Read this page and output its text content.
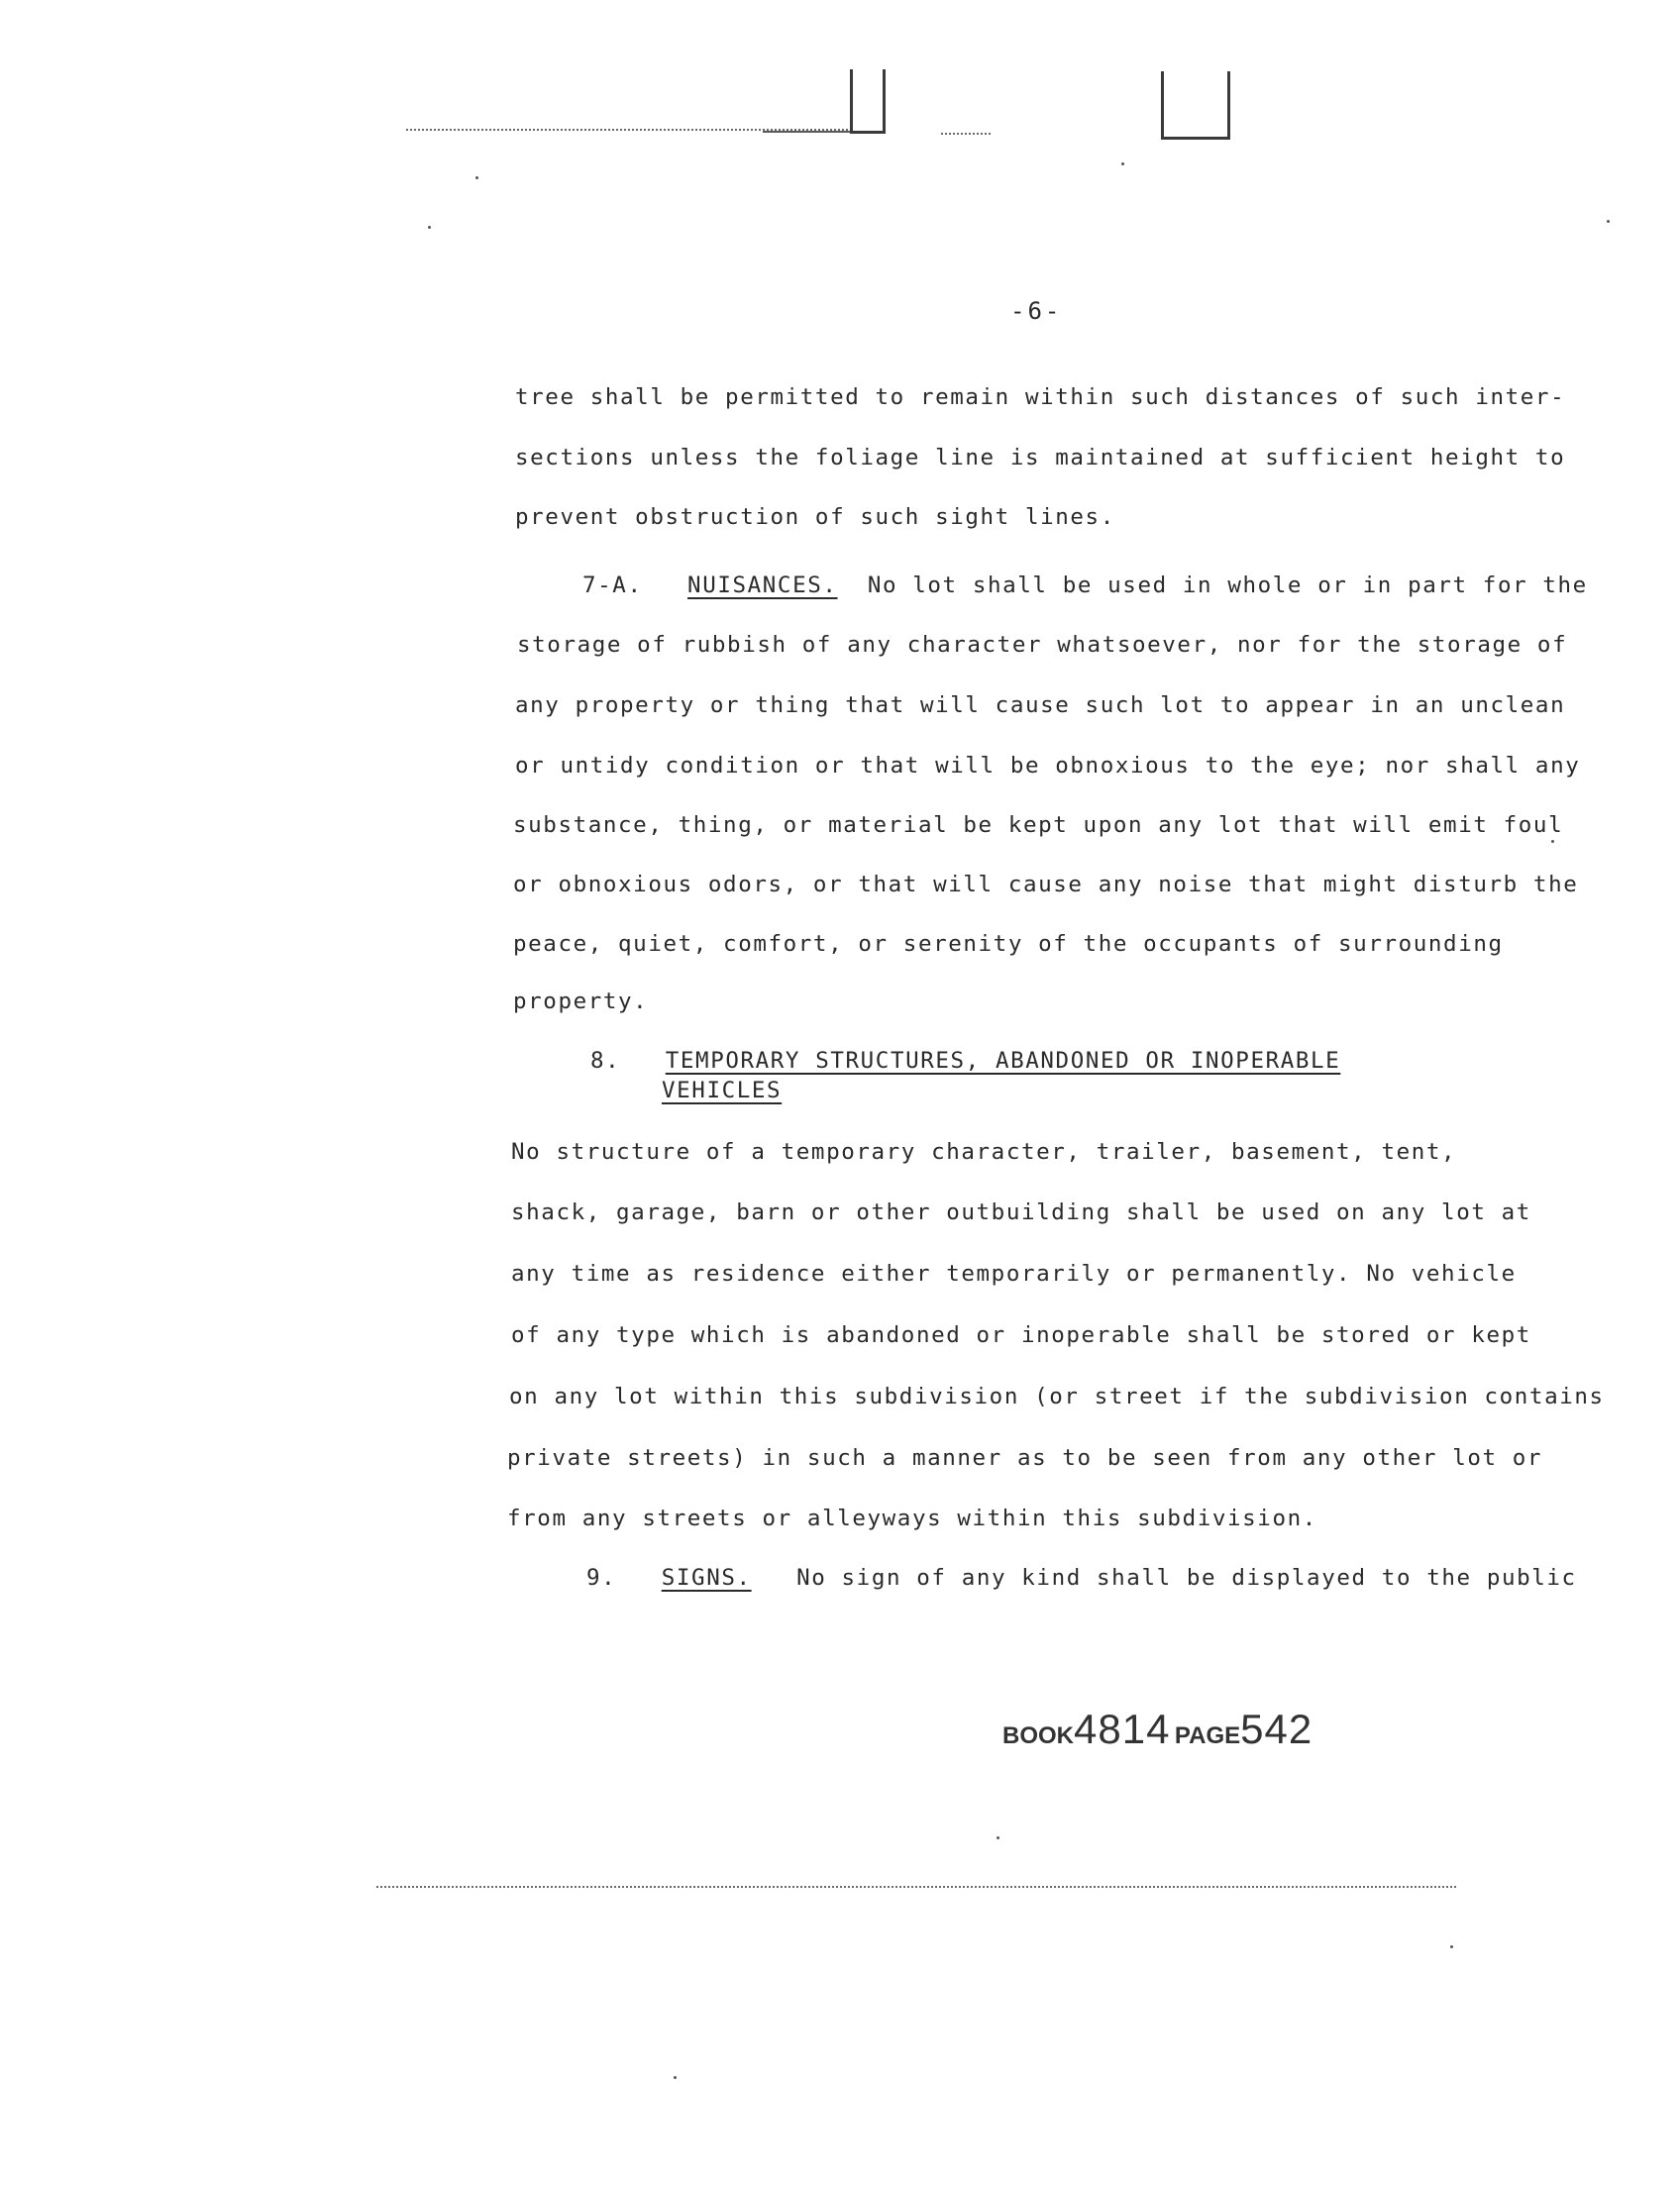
-6-
tree shall be permitted to remain within such distances of such inter-
sections unless the foliage line is maintained at sufficient height to
prevent obstruction of such sight lines.
7-A. NUISANCES. No lot shall be used in whole or in part for the
storage of rubbish of any character whatsoever, nor for the storage of
any property or thing that will cause such lot to appear in an unclean
or untidy condition or that will be obnoxious to the eye; nor shall any
substance, thing, or material be kept upon any lot that will emit foul
or obnoxious odors, or that will cause any noise that might disturb the
peace, quiet, comfort, or serenity of the occupants of surrounding
property.
8. TEMPORARY STRUCTURES, ABANDONED OR INOPERABLE
VEHICLES
No structure of a temporary character, trailer, basement, tent,
shack, garage, barn or other outbuilding shall be used on any lot at
any time as residence either temporarily or permanently. No vehicle
of any type which is abandoned or inoperable shall be stored or kept
on any lot within this subdivision (or street if the subdivision contains
private streets) in such a manner as to be seen from any other lot or
from any streets or alleyways within this subdivision.
9. SIGNS. No sign of any kind shall be displayed to the public
BOOK4814 PAGE542
